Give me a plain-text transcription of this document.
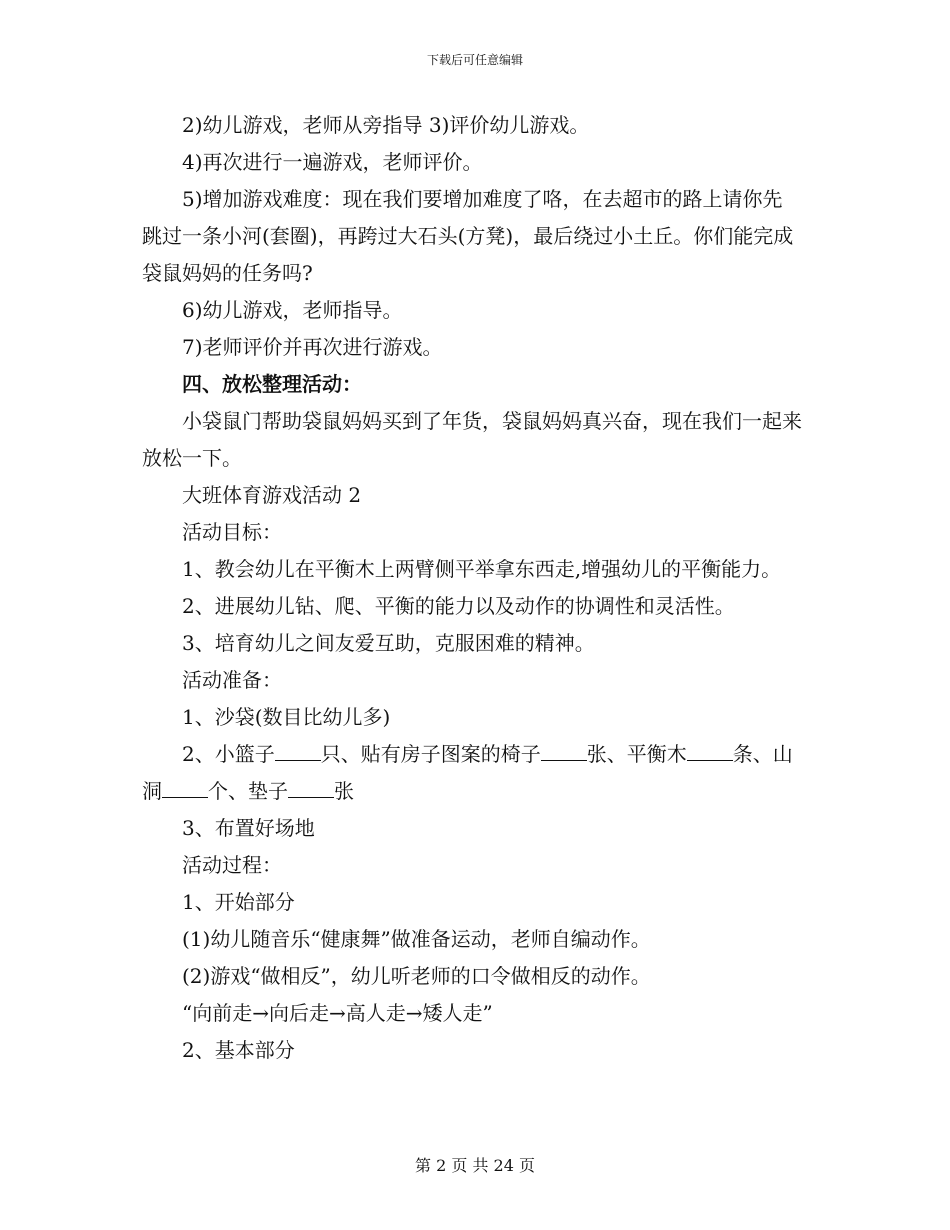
下载后可任意编辑

2)幼儿游戏，老师从旁指导 3)评价幼儿游戏。

4)再次进行一遍游戏，老师评价。

5)增加游戏难度：现在我们要增加难度了咯，在去超市的路上请你先跳过一条小河(套圈)，再跨过大石头(方凳)，最后绕过小土丘。你们能完成袋鼠妈妈的任务吗?

6)幼儿游戏，老师指导。

7)老师评价并再次进行游戏。

四、放松整理活动：

小袋鼠门帮助袋鼠妈妈买到了年货，袋鼠妈妈真兴奋，现在我们一起来放松一下。

大班体育游戏活动 2

活动目标：

1、教会幼儿在平衡木上两臂侧平举拿东西走,增强幼儿的平衡能力。

2、进展幼儿钻、爬、平衡的能力以及动作的协调性和灵活性。

3、培育幼儿之间友爱互助，克服困难的精神。

活动准备：

1、沙袋(数目比幼儿多)

2、小篮子 只、贴有房子图案的椅子 张、平衡木 条、山洞 个、垫子 张

3、布置好场地

活动过程：

1、开始部分

(1)幼儿随音乐“健康舞”做准备运动，老师自编动作。

(2)游戏“做相反”，幼儿听老师的口令做相反的动作。

“向前走→向后走→高人走→矮人走”

2、基本部分

第 2 页 共 24 页
